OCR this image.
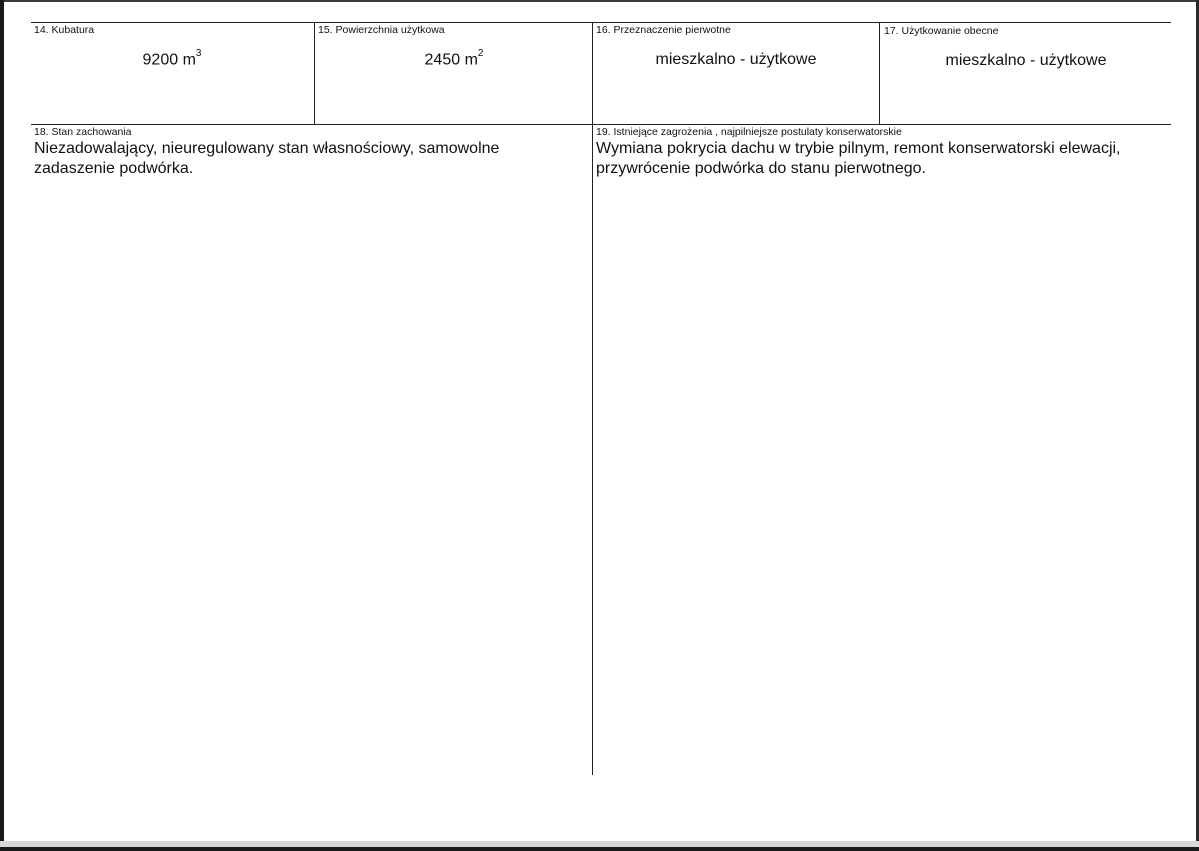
14. Kubatura
9200 $m^3$
15. Powierzchnia użytkowa
2450 $m^2$
16. Przeznaczenie pierwotne
mieszkalno - użytkowe
17. Użytkowanie obecne
mieszkalno - użytkowe
18. Stan zachowania
Niezadowalający, nieuregulowany stan własnościowy, samowolne
zadaszenie podwórka.
19. Istniejące zagrożenia , najpilniejsze postulaty konserwatorskie
Wymiana pokrycia dachu w trybie pilnym, remont konserwatorski elewacji,
przywrócenie podwórka do stanu pierwotnego.
